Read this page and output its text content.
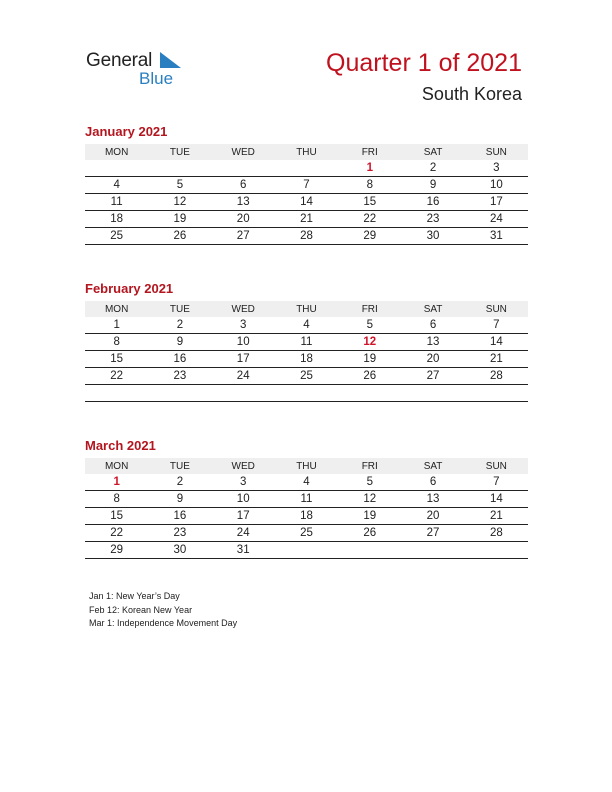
General
Blue
Quarter 1 of 2021
South Korea
January 2021
MON	TUE	WED	THU	FRI	SAT	SUN
				1	2	3
4	5	6	7	8	9	10
11	12	13	14	15	16	17
18	19	20	21	22	23	24
25	26	27	28	29	30	31
February 2021
MON	TUE	WED	THU	FRI	SAT	SUN
1	2	3	4	5	6	7
8	9	10	11	12	13	14
15	16	17	18	19	20	21
22	23	24	25	26	27	28

March 2021
MON	TUE	WED	THU	FRI	SAT	SUN
1	2	3	4	5	6	7
8	9	10	11	12	13	14
15	16	17	18	19	20	21
22	23	24	25	26	27	28
29	30	31				
Jan 1: New Year’s Day
Feb 12: Korean New Year
Mar 1: Independence Movement Day
